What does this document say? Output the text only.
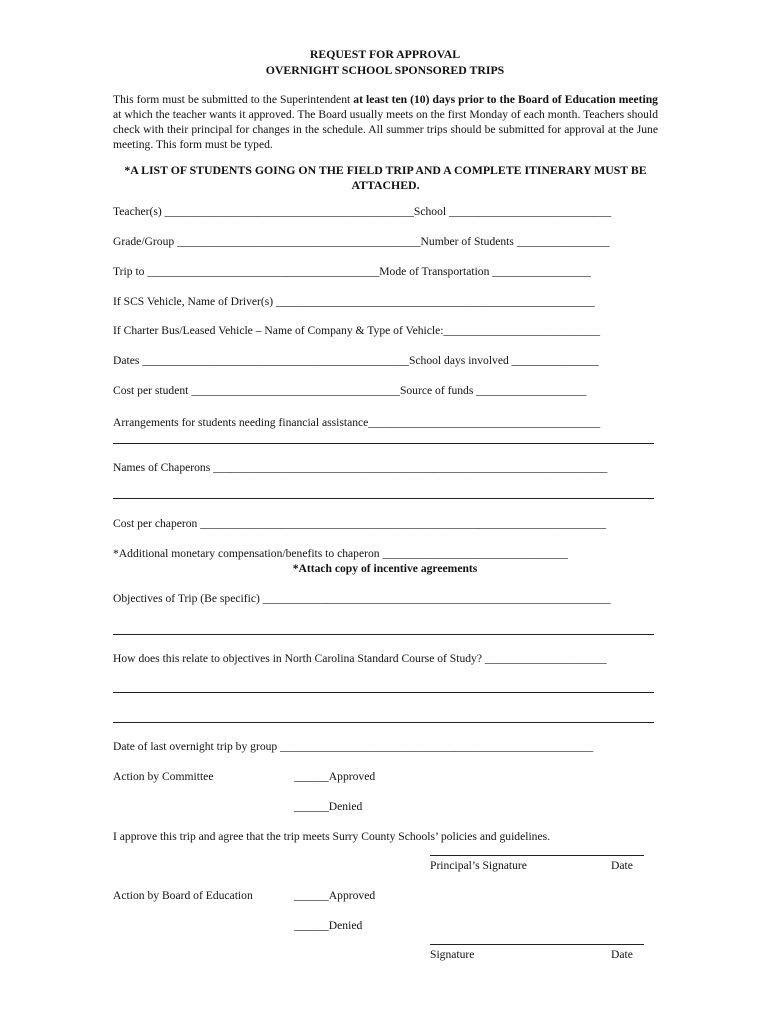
REQUEST FOR APPROVAL
OVERNIGHT SCHOOL SPONSORED TRIPS
This form must be submitted to the Superintendent at least ten (10) days prior to the Board of Education meeting at which the teacher wants it approved. The Board usually meets on the first Monday of each month. Teachers should check with their principal for changes in the schedule. All summer trips should be submitted for approval at the June meeting. This form must be typed.
*A LIST OF STUDENTS GOING ON THE FIELD TRIP AND A COMPLETE ITINERARY MUST BE ATTACHED.
Teacher(s) ___________________________________________School ____________________________
Grade/Group __________________________________________Number of Students ________________
Trip to ________________________________________Mode of Transportation _________________
If SCS Vehicle, Name of Driver(s) _______________________________________________________
If Charter Bus/Leased Vehicle – Name of Company & Type of Vehicle:___________________________
Dates ______________________________________________School days involved _______________
Cost per student ____________________________________Source of funds ___________________
Arrangements for students needing financial assistance________________________________________
Names of Chaperons ____________________________________________________________________
Cost per chaperon ______________________________________________________________________
*Additional monetary compensation/benefits to chaperon ________________________________
*Attach copy of incentive agreements
Objectives of Trip (Be specific) ____________________________________________________________
How does this relate to objectives in North Carolina Standard Course of Study? _____________________
Date of last overnight trip by group ______________________________________________________
Action by Committee	______Approved
______Denied
I approve this trip and agree that the trip meets Surry County Schools’ policies and guidelines.
Principal’s Signature	Date
Action by Board of Education	______Approved
______Denied
Signature	Date
